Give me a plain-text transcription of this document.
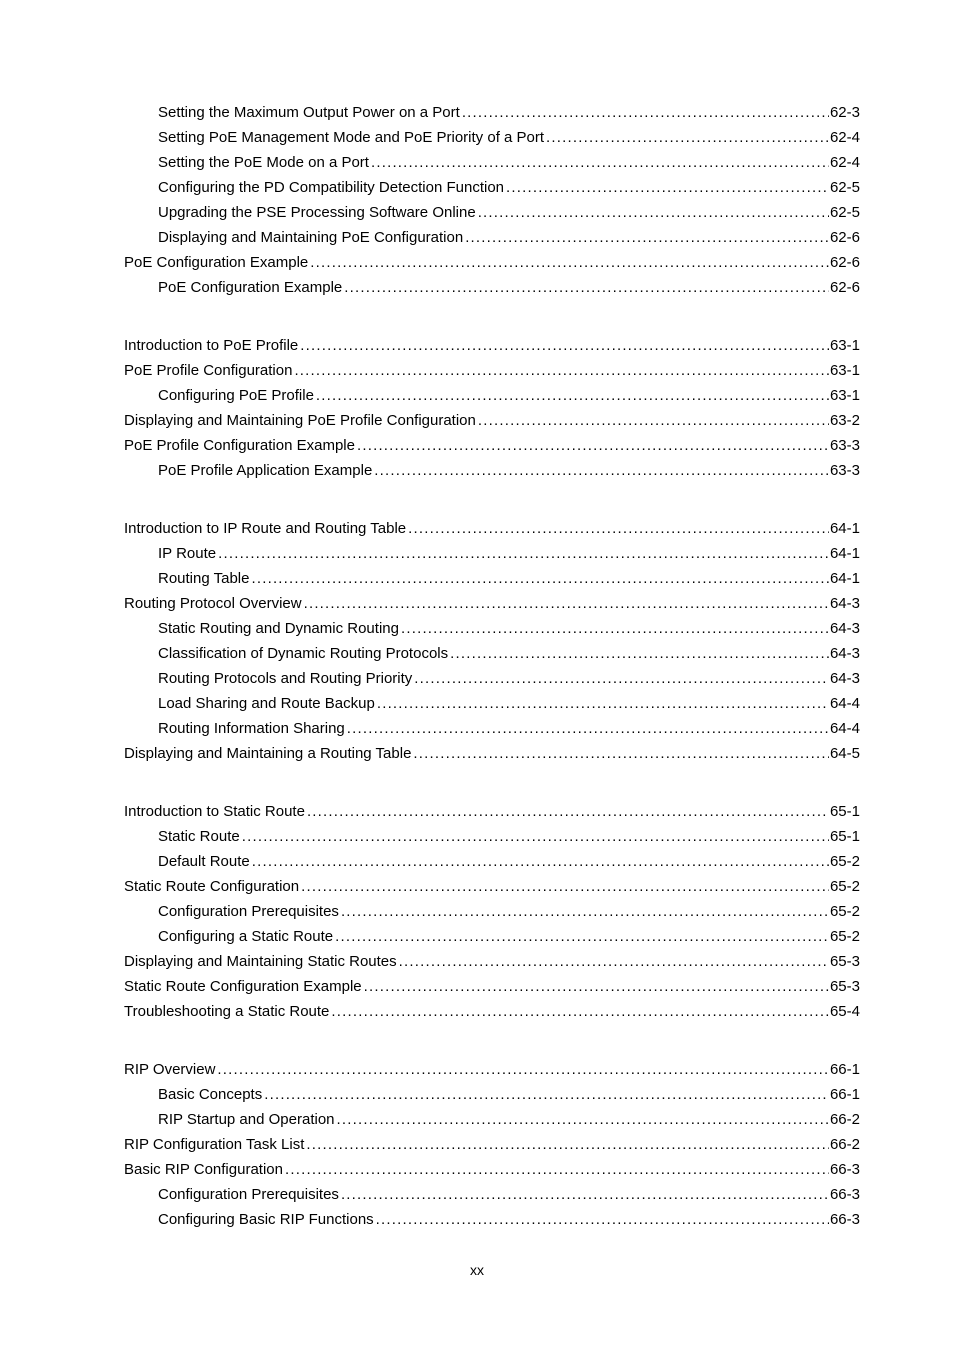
Setting the Maximum Output Power on a Port .....	62-3
Setting PoE Management Mode and PoE Priority of a Port .....	62-4
Setting the PoE Mode on a Port .....	62-4
Configuring the PD Compatibility Detection Function .....	62-5
Upgrading the PSE Processing Software Online .....	62-5
Displaying and Maintaining PoE Configuration .....	62-6
PoE Configuration Example .....	62-6
PoE Configuration Example .....	62-6
Introduction to PoE Profile .....	63-1
PoE Profile Configuration .....	63-1
Configuring PoE Profile .....	63-1
Displaying and Maintaining PoE Profile Configuration .....	63-2
PoE Profile Configuration Example .....	63-3
PoE Profile Application Example .....	63-3
Introduction to IP Route and Routing Table .....	64-1
IP Route .....	64-1
Routing Table .....	64-1
Routing Protocol Overview .....	64-3
Static Routing and Dynamic Routing .....	64-3
Classification of Dynamic Routing Protocols .....	64-3
Routing Protocols and Routing Priority .....	64-3
Load Sharing and Route Backup .....	64-4
Routing Information Sharing .....	64-4
Displaying and Maintaining a Routing Table .....	64-5
Introduction to Static Route .....	65-1
Static Route .....	65-1
Default Route .....	65-2
Static Route Configuration .....	65-2
Configuration Prerequisites .....	65-2
Configuring a Static Route .....	65-2
Displaying and Maintaining Static Routes .....	65-3
Static Route Configuration Example .....	65-3
Troubleshooting a Static Route .....	65-4
RIP Overview .....	66-1
Basic Concepts .....	66-1
RIP Startup and Operation .....	66-2
RIP Configuration Task List .....	66-2
Basic RIP Configuration .....	66-3
Configuration Prerequisites .....	66-3
Configuring Basic RIP Functions .....	66-3
xx
